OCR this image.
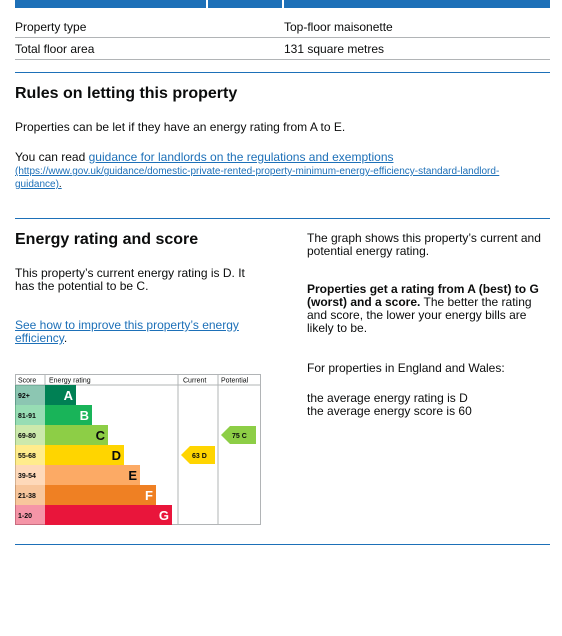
Property type	Top-floor maisonette
Total floor area	131 square metres
Rules on letting this property

Properties can be let if they have an energy rating from A to E.

You can read guidance for landlords on the regulations and exemptions
(https://www.gov.uk/guidance/domestic-private-rented-property-minimum-energy-efficiency-standard-landlord-
guidance).
Energy rating and score
This property’s current energy rating is D. It
has the potential to be C.
See how to improve this property’s energy
efficiency.
Score Energy rating	Current Potential
92+	A
81-91	B
69-80	C
55-68	D
39-54	E
21-38	F
1-20	G
63 D
75 C
The graph shows this property’s current and
potential energy rating.
Properties get a rating from A (best) to G
(worst) and a score. The better the rating
and score, the lower your energy bills are
likely to be.

For properties in England and Wales:

the average energy rating is D
the average energy score is 60
